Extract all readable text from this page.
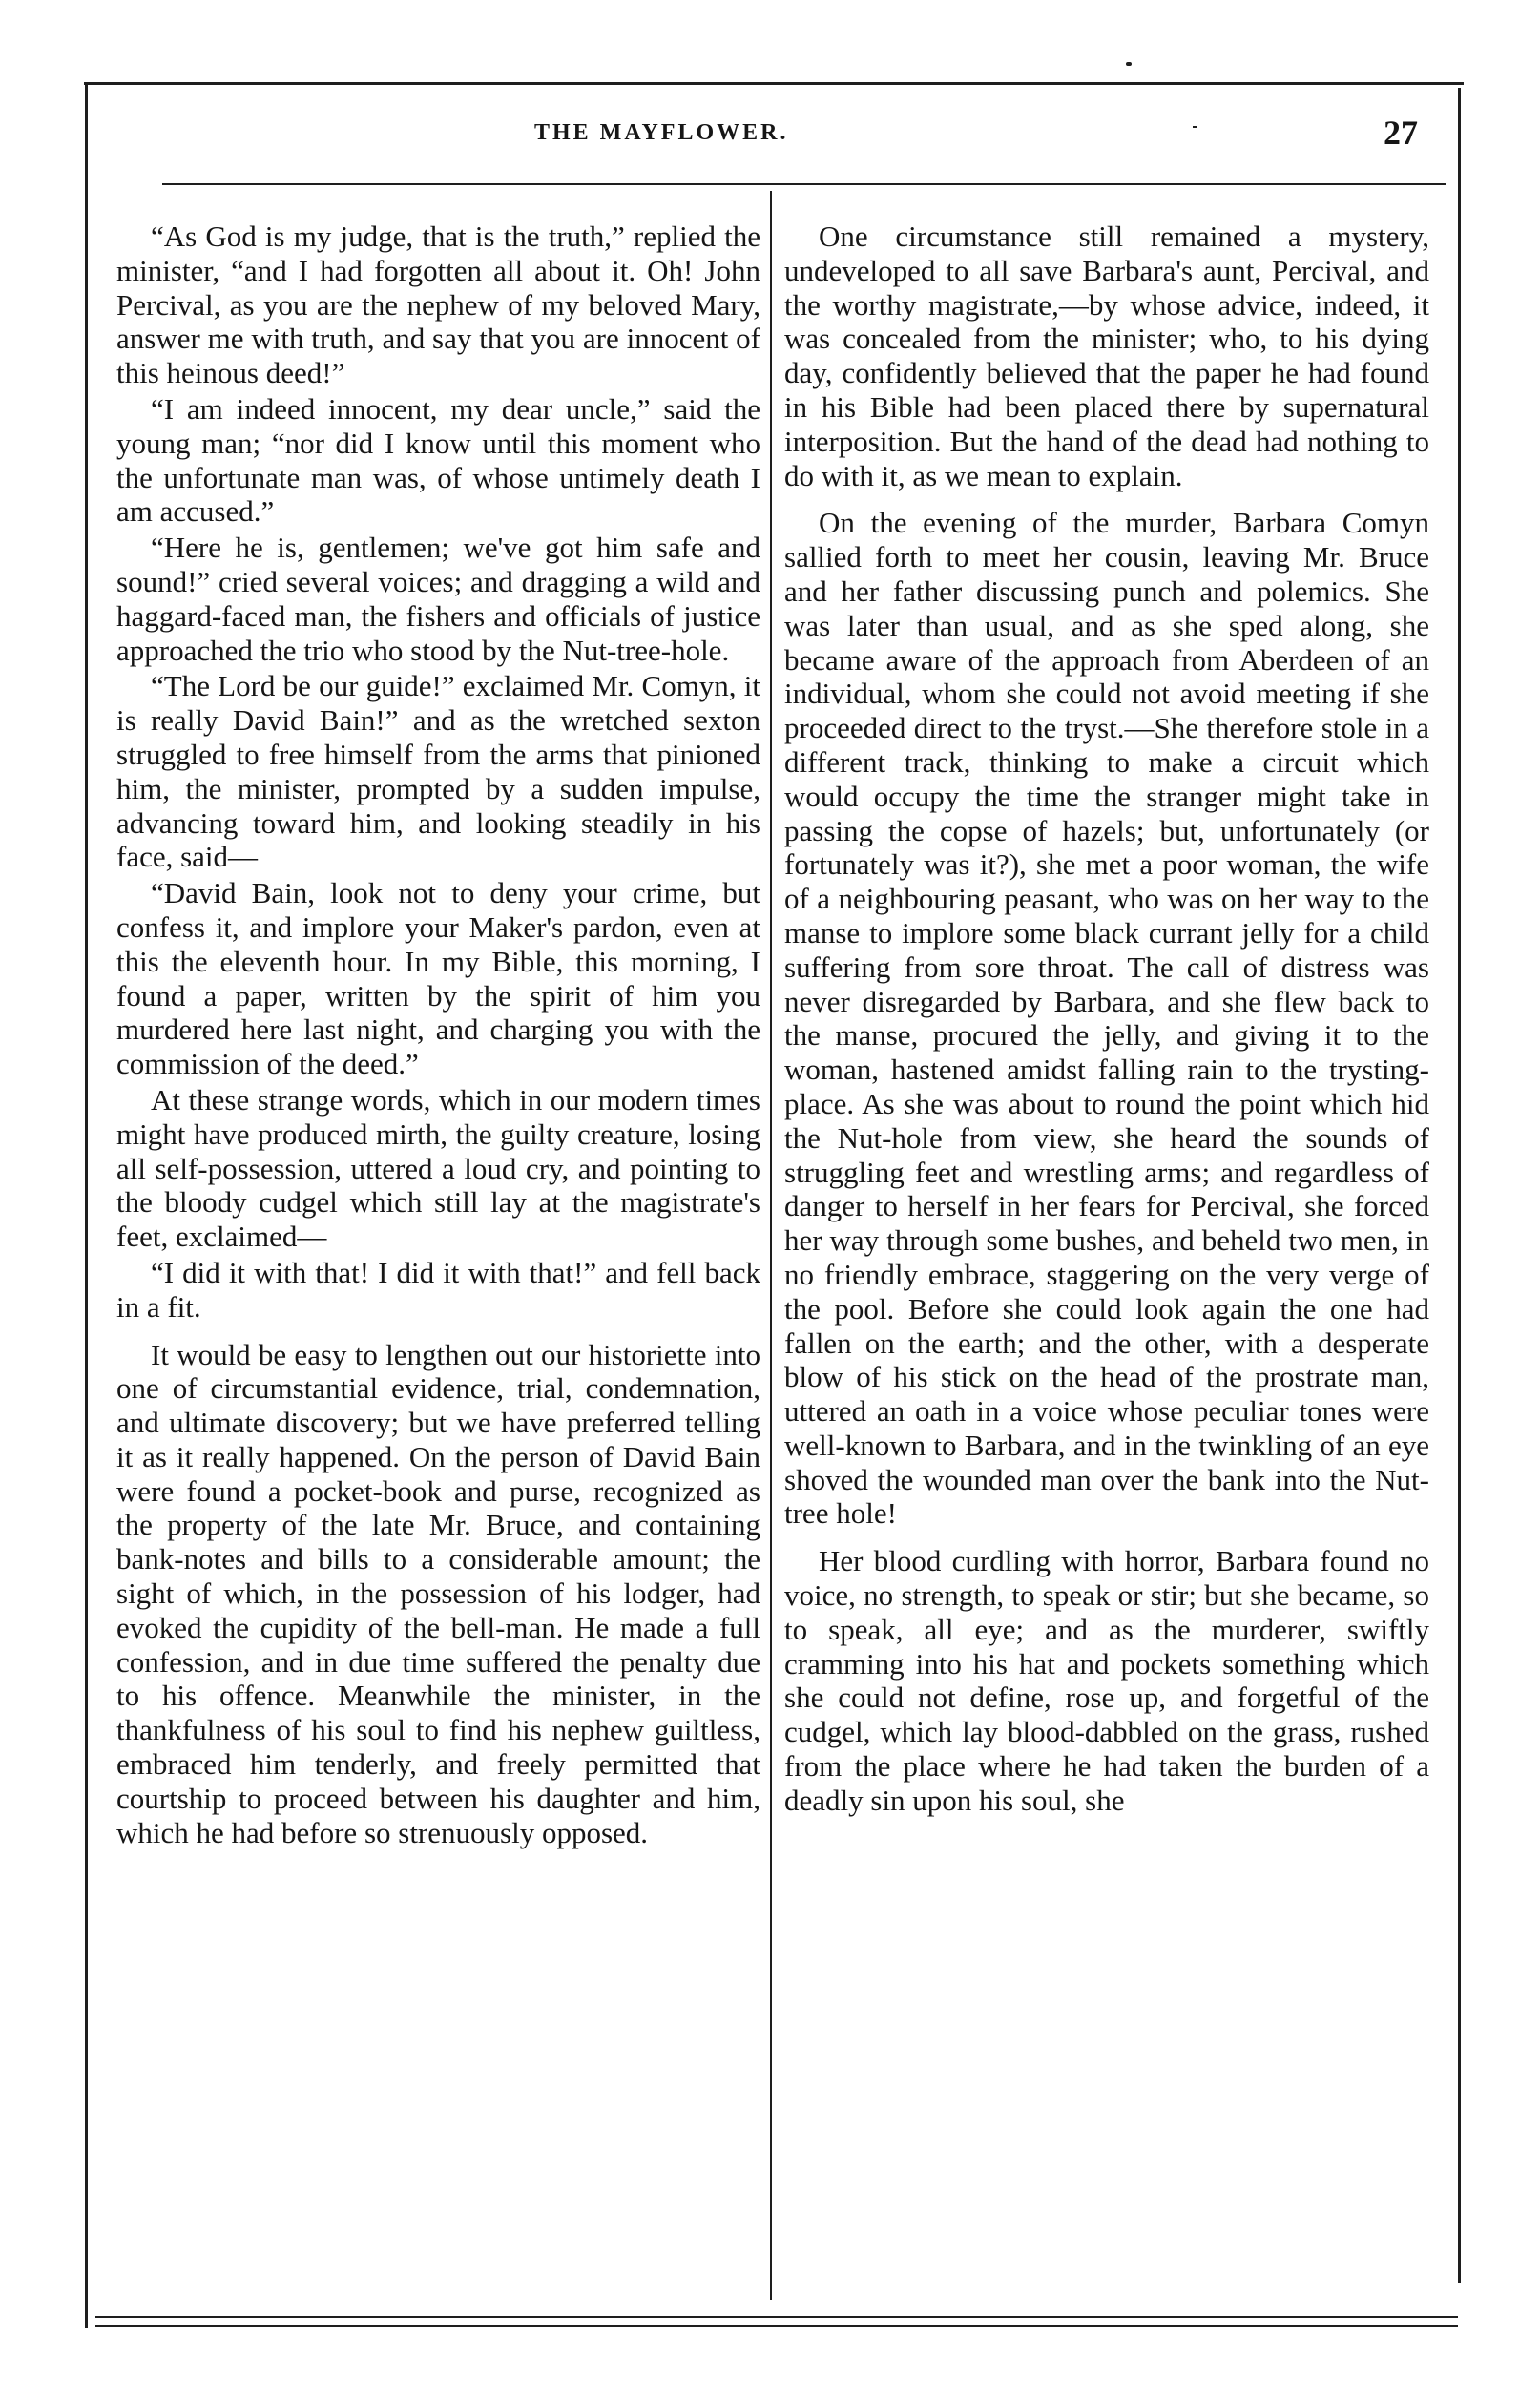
THE MAYFLOWER.	27

“As God is my judge, that is the truth,” replied the minister, “and I had forgotten all about it. Oh! John Percival, as you are the nephew of my beloved Mary, answer me with truth, and say that you are innocent of this heinous deed!”

“I am indeed innocent, my dear uncle,” said the young man; “nor did I know until this moment who the unfortunate man was, of whose untimely death I am accused.”

“Here he is, gentlemen; we've got him safe and sound!” cried several voices; and dragging a wild and haggard-faced man, the fishers and officials of justice approached the trio who stood by the Nut-tree-hole.

“The Lord be our guide!” exclaimed Mr. Comyn, it is really David Bain!” and as the wretched sexton struggled to free himself from the arms that pinioned him, the minister, prompted by a sudden impulse, advancing toward him, and looking steadily in his face, said—

“David Bain, look not to deny your crime, but confess it, and implore your Maker's pardon, even at this the eleventh hour. In my Bible, this morning, I found a paper, written by the spirit of him you murdered here last night, and charging you with the commission of the deed.”

At these strange words, which in our modern times might have produced mirth, the guilty creature, losing all self-possession, uttered a loud cry, and pointing to the bloody cudgel which still lay at the magistrate's feet, exclaimed—

“I did it with that! I did it with that!” and fell back in a fit.

It would be easy to lengthen out our historiette into one of circumstantial evidence, trial, condemnation, and ultimate discovery; but we have preferred telling it as it really happened. On the person of David Bain were found a pocket-book and purse, recognized as the property of the late Mr. Bruce, and containing bank-notes and bills to a considerable amount; the sight of which, in the possession of his lodger, had evoked the cupidity of the bell-man. He made a full confession, and in due time suffered the penalty due to his offence. Meanwhile the minister, in the thankfulness of his soul to find his nephew guiltless, embraced him tenderly, and freely permitted that courtship to proceed between his daughter and him, which he had before so strenuously opposed.

One circumstance still remained a mystery, undeveloped to all save Barbara's aunt, Percival, and the worthy magistrate,—by whose advice, indeed, it was concealed from the minister; who, to his dying day, confidently believed that the paper he had found in his Bible had been placed there by supernatural interposition. But the hand of the dead had nothing to do with it, as we mean to explain.

On the evening of the murder, Barbara Comyn sallied forth to meet her cousin, leaving Mr. Bruce and her father discussing punch and polemics. She was later than usual, and as she sped along, she became aware of the approach from Aberdeen of an individual, whom she could not avoid meeting if she proceeded direct to the tryst.—She therefore stole in a different track, thinking to make a circuit which would occupy the time the stranger might take in passing the copse of hazels; but, unfortunately (or fortunately was it?), she met a poor woman, the wife of a neighbouring peasant, who was on her way to the manse to implore some black currant jelly for a child suffering from sore throat. The call of distress was never disregarded by Barbara, and she flew back to the manse, procured the jelly, and giving it to the woman, hastened amidst falling rain to the trysting-place. As she was about to round the point which hid the Nut-hole from view, she heard the sounds of struggling feet and wrestling arms; and regardless of danger to herself in her fears for Percival, she forced her way through some bushes, and beheld two men, in no friendly embrace, staggering on the very verge of the pool. Before she could look again the one had fallen on the earth; and the other, with a desperate blow of his stick on the head of the prostrate man, uttered an oath in a voice whose peculiar tones were well-known to Barbara, and in the twinkling of an eye shoved the wounded man over the bank into the Nut-tree hole!

Her blood curdling with horror, Barbara found no voice, no strength, to speak or stir; but she became, so to speak, all eye; and as the murderer, swiftly cramming into his hat and pockets something which she could not define, rose up, and forgetful of the cudgel, which lay blood-dabbled on the grass, rushed from the place where he had taken the burden of a deadly sin upon his soul, she
